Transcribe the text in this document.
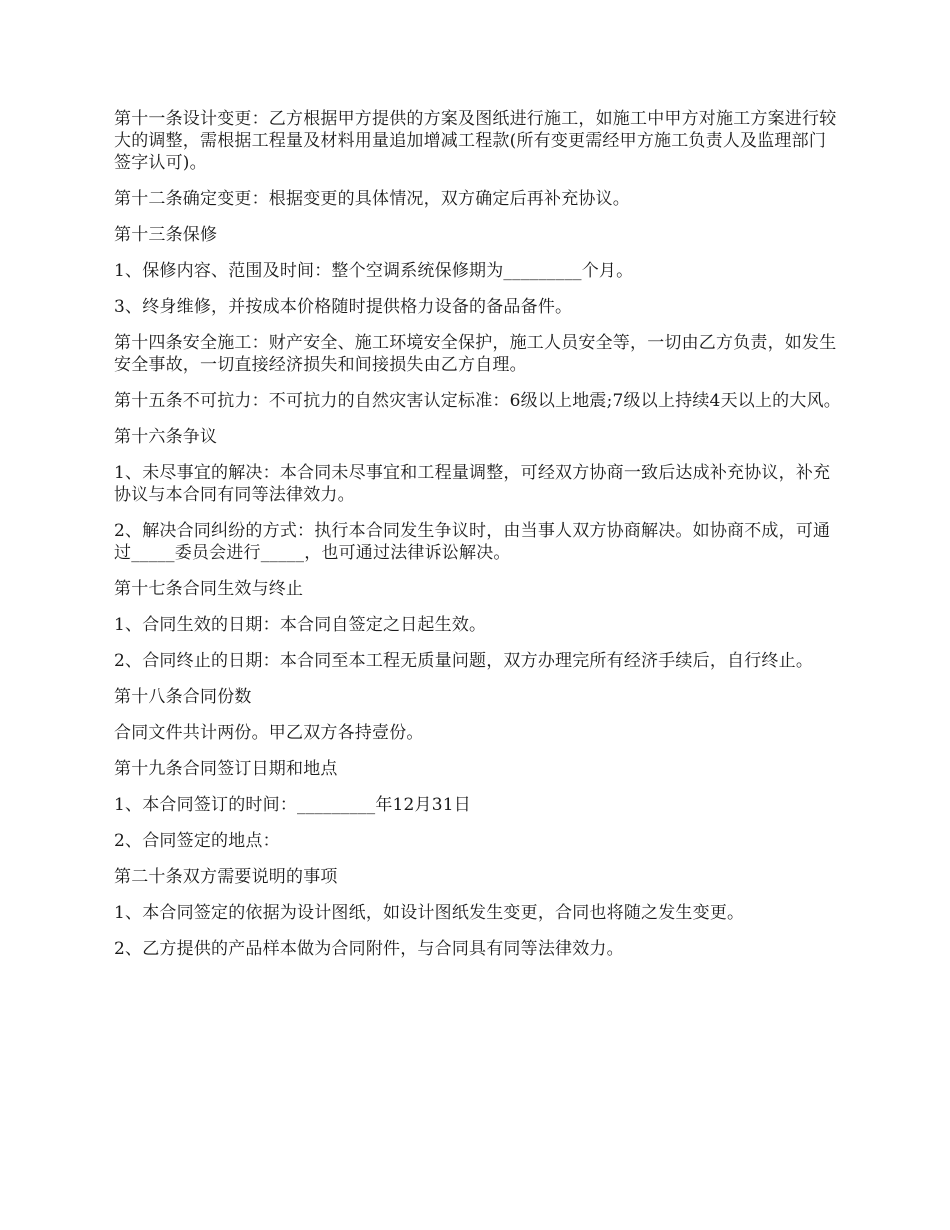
第十一条设计变更：乙方根据甲方提供的方案及图纸进行施工，如施工中甲方对施工方案进行较大的调整，需根据工程量及材料用量追加增减工程款(所有变更需经甲方施工负责人及监理部门签字认可)。

第十二条确定变更：根据变更的具体情况，双方确定后再补充协议。

第十三条保修

1、保修内容、范围及时间：整个空调系统保修期为_________个月。

3、终身维修，并按成本价格随时提供格力设备的备品备件。

第十四条安全施工：财产安全、施工环境安全保护，施工人员安全等，一切由乙方负责，如发生安全事故，一切直接经济损失和间接损失由乙方自理。

第十五条不可抗力：不可抗力的自然灾害认定标准：6级以上地震;7级以上持续4天以上的大风。

第十六条争议

1、未尽事宜的解决：本合同未尽事宜和工程量调整，可经双方协商一致后达成补充协议，补充协议与本合同有同等法律效力。

2、解决合同纠纷的方式：执行本合同发生争议时，由当事人双方协商解决。如协商不成，可通过_____委员会进行_____，也可通过法律诉讼解决。

第十七条合同生效与终止

1、合同生效的日期：本合同自签定之日起生效。

2、合同终止的日期：本合同至本工程无质量问题，双方办理完所有经济手续后，自行终止。

第十八条合同份数

合同文件共计两份。甲乙双方各持壹份。

第十九条合同签订日期和地点

1、本合同签订的时间：_________年12月31日

2、合同签定的地点：

第二十条双方需要说明的事项

1、本合同签定的依据为设计图纸，如设计图纸发生变更，合同也将随之发生变更。

2、乙方提供的产品样本做为合同附件，与合同具有同等法律效力。
